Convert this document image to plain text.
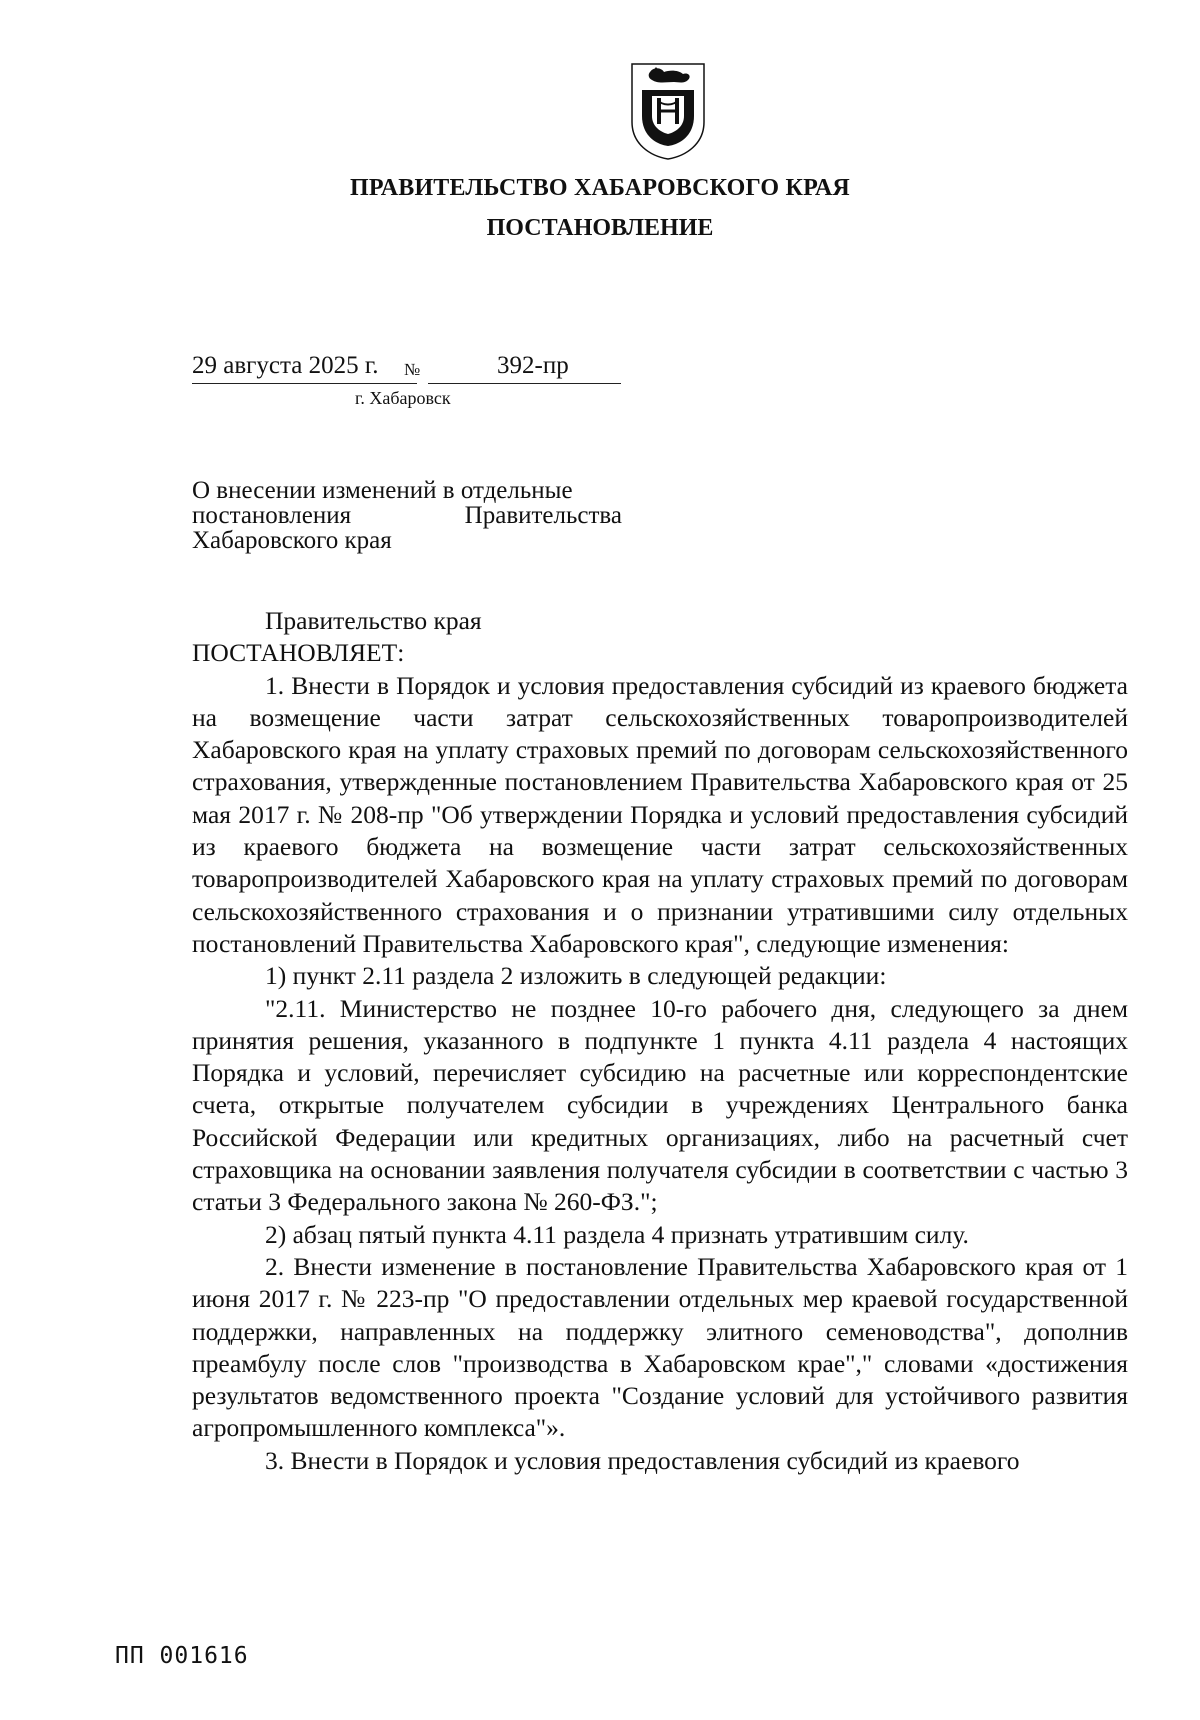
ПРАВИТЕЛЬСТВО ХАБАРОВСКОГО КРАЯ
ПОСТАНОВЛЕНИЕ
29 августа 2025 г. №	392-пр
г. Хабаровск
О внесении изменений в отдельные
постановления	Правительства
Хабаровского края

Правительство края

ПОСТАНОВЛЯЕТ:

1. Внести в Порядок и условия предоставления субсидий из краевого бюджета на возмещение части затрат сельскохозяйственных товаропроизводителей Хабаровского края на уплату страховых премий по договорам сельскохозяйственного страхования, утвержденные постановлением Правительства Хабаровского края от 25 мая 2017 г. № 208-пр "Об утверждении Порядка и условий предоставления субсидий из краевого бюджета на возмещение части затрат сельскохозяйственных товаропроизводителей Хабаровского края на уплату страховых премий по договорам сельскохозяйственного страхования и о признании утратившими силу отдельных постановлений Правительства Хабаровского края", следующие изменения:

1) пункт 2.11 раздела 2 изложить в следующей редакции:

"2.11. Министерство не позднее 10-го рабочего дня, следующего за днем принятия решения, указанного в подпункте 1 пункта 4.11 раздела 4 настоящих Порядка и условий, перечисляет субсидию на расчетные или корреспондентские счета, открытые получателем субсидии в учреждениях Центрального банка Российской Федерации или кредитных организациях, либо на расчетный счет страховщика на основании заявления получателя субсидии в соответствии с частью 3 статьи 3 Федерального закона № 260-ФЗ.";

2) абзац пятый пункта 4.11 раздела 4 признать утратившим силу.

2. Внести изменение в постановление Правительства Хабаровского края от 1 июня 2017 г. № 223-пр "О предоставлении отдельных мер краевой государственной поддержки, направленных на поддержку элитного семеноводства", дополнив преамбулу после слов "производства в Хабаровском крае"," словами «достижения результатов ведомственного проекта "Создание условий для устойчивого развития агропромышленного комплекса"».

3. Внести в Порядок и условия предоставления субсидий из краевого

ПП 001616
